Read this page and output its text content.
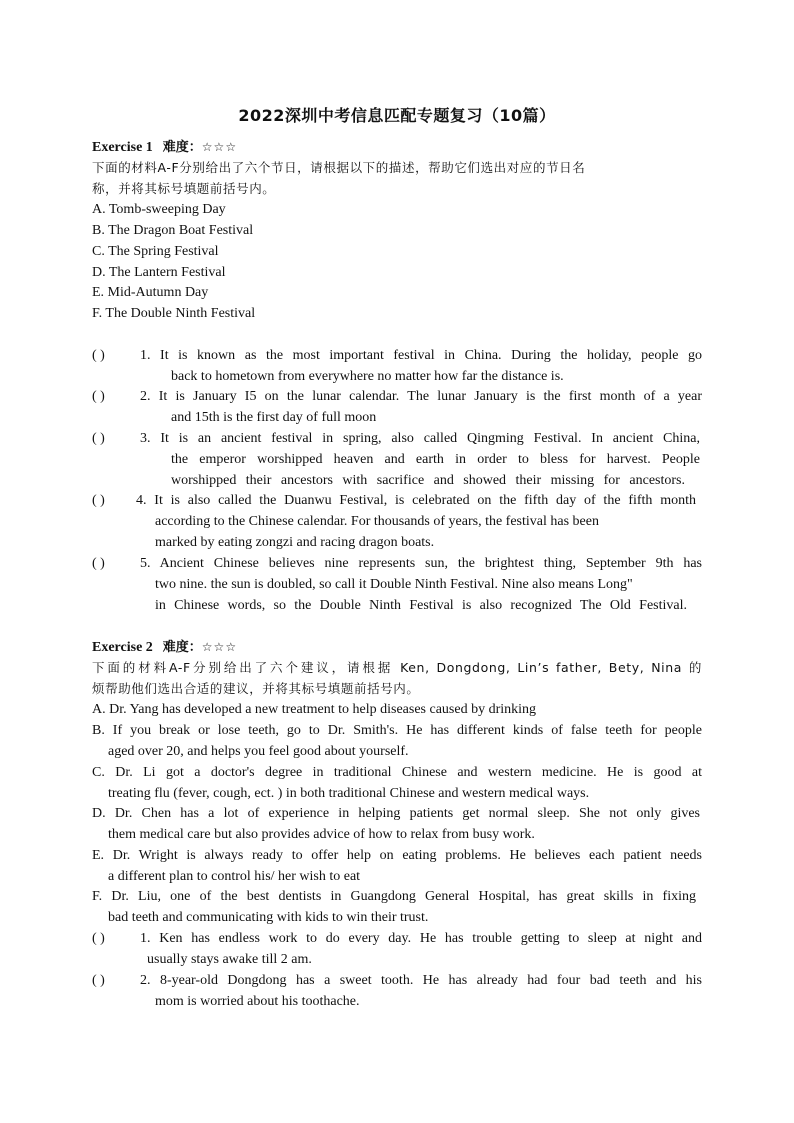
2022深圳中考信息匹配专题复习（10篇）
Exercise 1 难度：☆☆☆
下面的材料A-F分别给出了六个节日，请根据以下的描述，帮助它们选出对应的节日名
称，并将其标号填题前括号内。
A. Tomb-sweeping Day
B. The Dragon Boat Festival
C. The Spring Festival
D. The Lantern Festival
E. Mid-Autumn Day
F. The Double Ninth Festival
( )	1. It is known as the most important festival in China. During the holiday, people go
back to hometown from everywhere no matter how far the distance is.
( )	2. It is January I5 on the lunar calendar. The lunar January is the first month of a year
and 15th is the first day of full moon
( )	3. It is an ancient festival in spring, also called Qingming Festival. In ancient China,
the emperor worshipped heaven and earth in order to bless for harvest. People
worshipped their ancestors with sacrifice and showed their missing for ancestors.
( ) 4. It is also called the Duanwu Festival, is celebrated on the fifth day of the fifth month
according to the Chinese calendar. For thousands of years, the festival has been
marked by eating zongzi and racing dragon boats.
( )	5. Ancient Chinese believes nine represents sun, the brightest thing, September 9th has
two nine. the sun is doubled, so call it Double Ninth Festival. Nine also means Long"
in Chinese words, so the Double Ninth Festival is also recognized The Old Festival.
Exercise 2 难度：☆☆☆
下面的材料A-F分别给出了六个建议，请根据 Ken, Dongdong, Lin’s father, Bety, Nina 的
烦帮助他们选出合适的建议，并将其标号填题前括号内。
A. Dr. Yang has developed a new treatment to help diseases caused by drinking
B. If you break or lose teeth, go to Dr. Smith's. He has different kinds of false teeth for people
aged over 20, and helps you feel good about yourself.
C. Dr. Li got a doctor's degree in traditional Chinese and western medicine. He is good at
treating flu (fever, cough, ect. ) in both traditional Chinese and western medical ways.
D. Dr. Chen has a lot of experience in helping patients get normal sleep. She not only gives
them medical care but also provides advice of how to relax from busy work.
E. Dr. Wright is always ready to offer help on eating problems. He believes each patient needs
a different plan to control his/ her wish to eat
F. Dr. Liu, one of the best dentists in Guangdong General Hospital, has great skills in fixing
bad teeth and communicating with kids to win their trust.
( )	1. Ken has endless work to do every day. He has trouble getting to sleep at night and
usually stays awake till 2 am.
( )	2. 8-year-old Dongdong has a sweet tooth. He has already had four bad teeth and his
mom is worried about his toothache.
